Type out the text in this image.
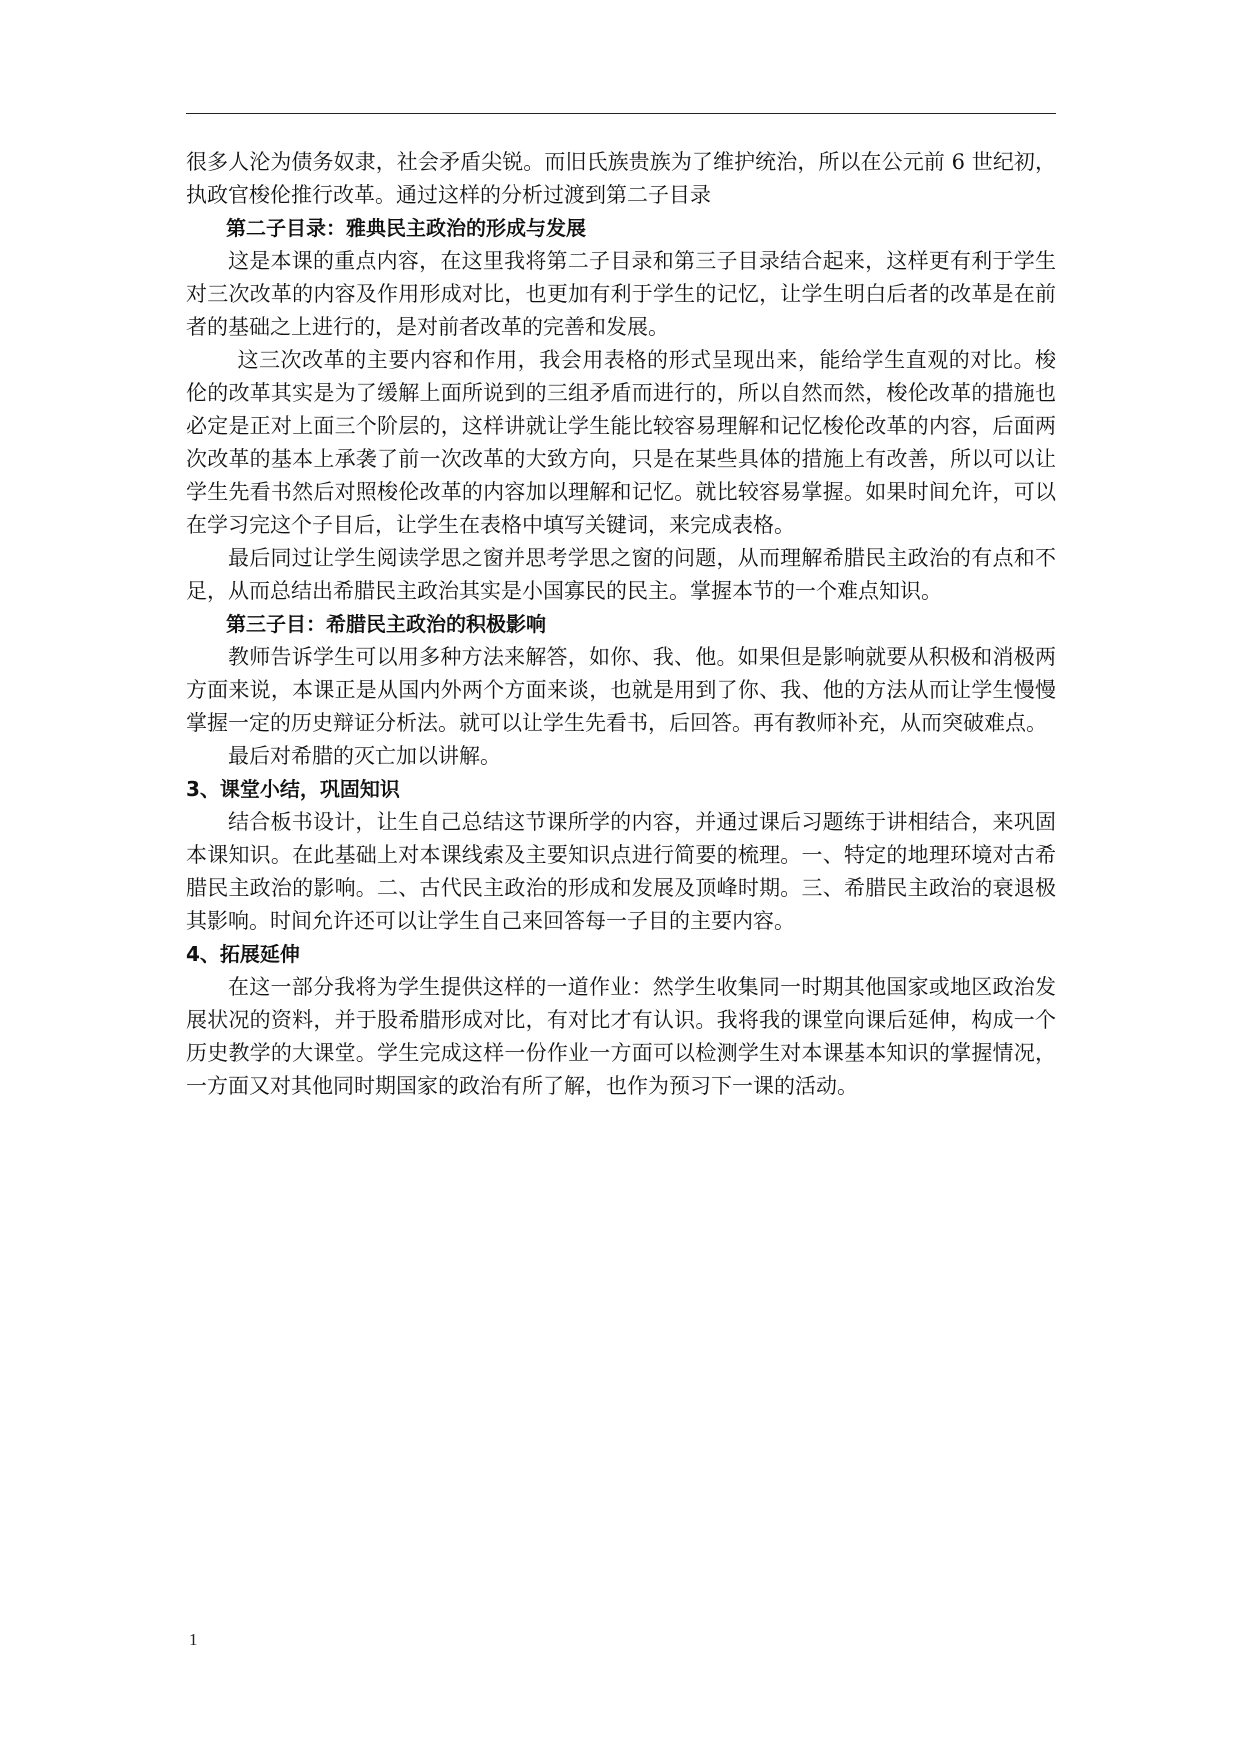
很多人沦为债务奴隶，社会矛盾尖锐。而旧氏族贵族为了维护统治，所以在公元前 6 世纪初，执政官梭伦推行改革。通过这样的分析过渡到第二子目录

第二子目录：雅典民主政治的形成与发展

这是本课的重点内容，在这里我将第二子目录和第三子目录结合起来，这样更有利于学生对三次改革的内容及作用形成对比，也更加有利于学生的记忆，让学生明白后者的改革是在前者的基础之上进行的，是对前者改革的完善和发展。

这三次改革的主要内容和作用，我会用表格的形式呈现出来，能给学生直观的对比。梭伦的改革其实是为了缓解上面所说到的三组矛盾而进行的，所以自然而然，梭伦改革的措施也必定是正对上面三个阶层的，这样讲就让学生能比较容易理解和记忆梭伦改革的内容，后面两次改革的基本上承袭了前一次改革的大致方向，只是在某些具体的措施上有改善，所以可以让学生先看书然后对照梭伦改革的内容加以理解和记忆。就比较容易掌握。如果时间允许，可以在学习完这个子目后，让学生在表格中填写关键词，来完成表格。

最后同过让学生阅读学思之窗并思考学思之窗的问题，从而理解希腊民主政治的有点和不足，从而总结出希腊民主政治其实是小国寡民的民主。掌握本节的一个难点知识。

第三子目：希腊民主政治的积极影响

教师告诉学生可以用多种方法来解答，如你、我、他。如果但是影响就要从积极和消极两方面来说，本课正是从国内外两个方面来谈，也就是用到了你、我、他的方法从而让学生慢慢掌握一定的历史辩证分析法。就可以让学生先看书，后回答。再有教师补充，从而突破难点。

最后对希腊的灭亡加以讲解。

3、课堂小结，巩固知识

结合板书设计，让生自己总结这节课所学的内容，并通过课后习题练于讲相结合，来巩固本课知识。在此基础上对本课线索及主要知识点进行简要的梳理。一、特定的地理环境对古希腊民主政治的影响。二、古代民主政治的形成和发展及顶峰时期。三、希腊民主政治的衰退极其影响。时间允许还可以让学生自己来回答每一子目的主要内容。

4、拓展延伸

在这一部分我将为学生提供这样的一道作业：然学生收集同一时期其他国家或地区政治发展状况的资料，并于股希腊形成对比，有对比才有认识。我将我的课堂向课后延伸，构成一个历史教学的大课堂。学生完成这样一份作业一方面可以检测学生对本课基本知识的掌握情况，一方面又对其他同时期国家的政治有所了解，也作为预习下一课的活动。

1
